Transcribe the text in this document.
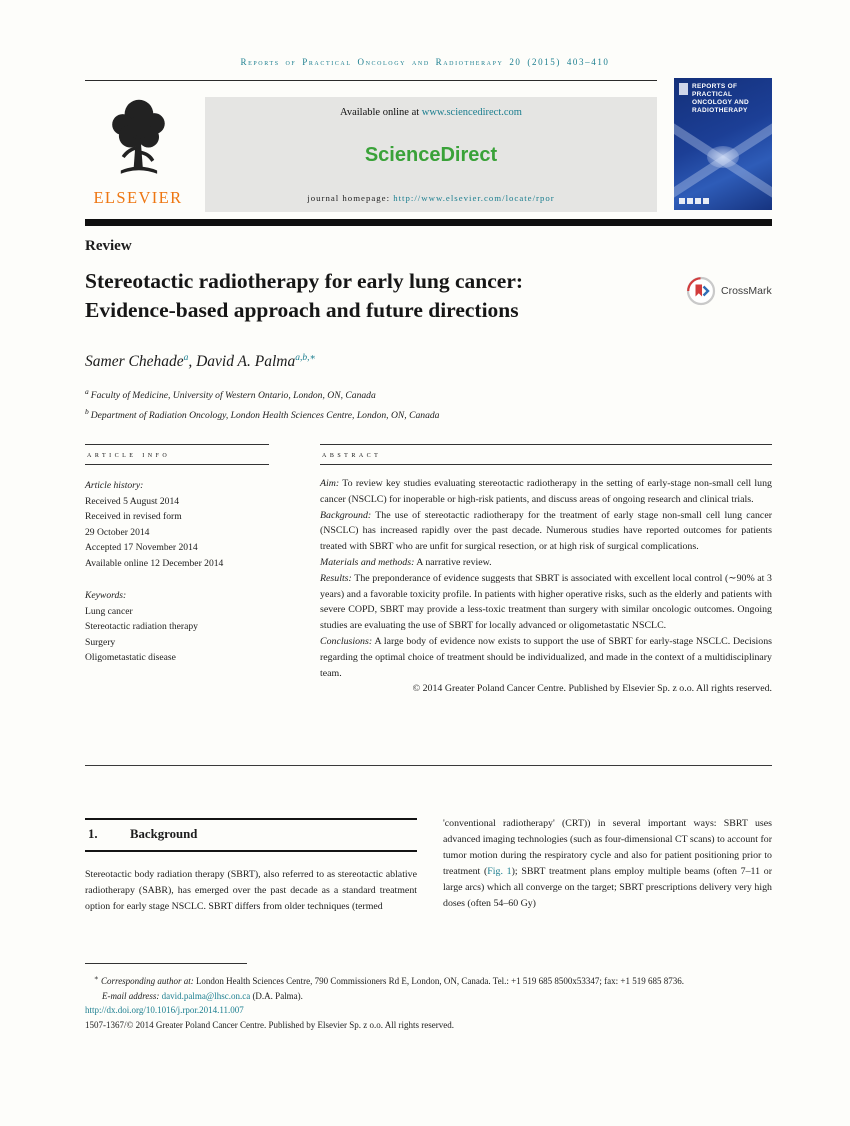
Reports of Practical Oncology and Radiotherapy 20 (2015) 403–410
ELSEVIER
Available online at www.sciencedirect.com
ScienceDirect
journal homepage: http://www.elsevier.com/locate/rpor
REPORTS OF PRACTICAL ONCOLOGY AND RADIOTHERAPY
Review
Stereotactic radiotherapy for early lung cancer:
Evidence-based approach and future directions
CrossMark
Samer Chehade$^a$, David A. Palma$^{a,b,∗}$
$^a$ Faculty of Medicine, University of Western Ontario, London, ON, Canada
$^b$ Department of Radiation Oncology, London Health Sciences Centre, London, ON, Canada
article info
Article history:
Received 5 August 2014
Received in revised form
29 October 2014
Accepted 17 November 2014
Available online 12 December 2014
Keywords:
Lung cancer
Stereotactic radiation therapy
Surgery
Oligometastatic disease
abstract

Aim: To review key studies evaluating stereotactic radiotherapy in the setting of early-stage non-small cell lung cancer (NSCLC) for inoperable or high-risk patients, and discuss areas of ongoing research and clinical trials.

Background: The use of stereotactic radiotherapy for the treatment of early stage non-small cell lung cancer (NSCLC) has increased rapidly over the past decade. Numerous studies have reported outcomes for patients treated with SBRT who are unfit for surgical resection, or at high risk of surgical complications.

Materials and methods: A narrative review.

Results: The preponderance of evidence suggests that SBRT is associated with excellent local control (∼90% at 3 years) and a favorable toxicity profile. In patients with higher operative risks, such as the elderly and patients with severe COPD, SBRT may provide a less-toxic treatment than surgery with similar oncologic outcomes. Ongoing studies are evaluating the use of SBRT for locally advanced or oligometastatic NSCLC.

Conclusions: A large body of evidence now exists to support the use of SBRT for early-stage NSCLC. Decisions regarding the optimal choice of treatment should be individualized, and made in the context of a multidisciplinary team.

© 2014 Greater Poland Cancer Centre. Published by Elsevier Sp. z o.o. All rights reserved.

1.	Background

Stereotactic body radiation therapy (SBRT), also referred to as stereotactic ablative radiotherapy (SABR), has emerged over the past decade as a standard treatment option for early stage NSCLC. SBRT differs from older techniques (termed

'conventional radiotherapy' (CRT)) in several important ways: SBRT uses advanced imaging technologies (such as four-dimensional CT scans) to account for tumor motion during the respiratory cycle and also for patient positioning prior to treatment (Fig. 1); SBRT treatment plans employ multiple beams (often 7–11 or large arcs) which all converge on the target; SBRT prescriptions delivery very high doses (often 54–60 Gy)

∗ Corresponding author at: London Health Sciences Centre, 790 Commissioners Rd E, London, ON, Canada. Tel.: +1 519 685 8500x53347; fax: +1 519 685 8736.

E-mail address: david.palma@lhsc.on.ca (D.A. Palma).

http://dx.doi.org/10.1016/j.rpor.2014.11.007

1507-1367/© 2014 Greater Poland Cancer Centre. Published by Elsevier Sp. z o.o. All rights reserved.
